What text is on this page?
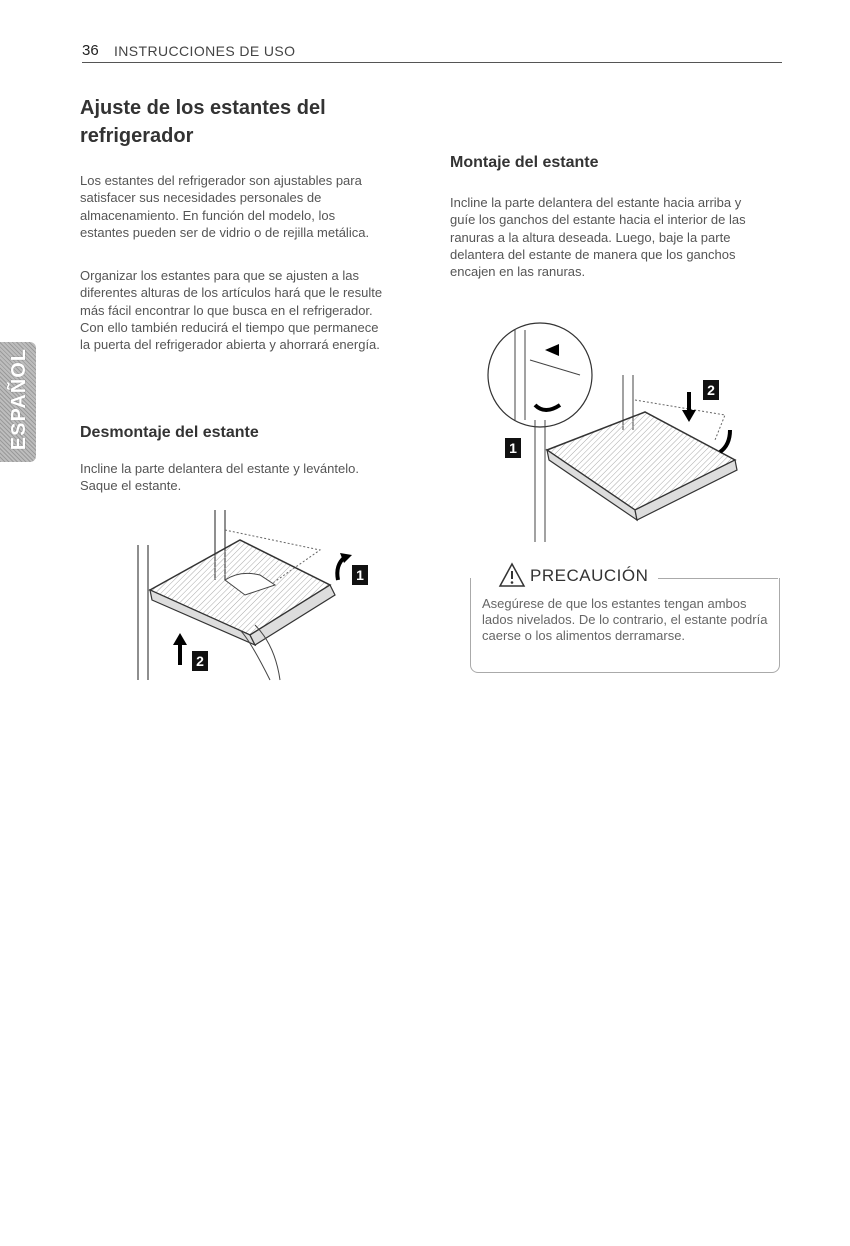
36 INSTRUCCIONES DE USO
ESPAÑOL
Ajuste de los estantes del refrigerador

Los estantes del refrigerador son ajustables para satisfacer sus necesidades personales de almacenamiento. En función del modelo, los estantes pueden ser de vidrio o de rejilla metálica.

Organizar los estantes para que se ajusten a las diferentes alturas de los artículos hará que le resulte más fácil encontrar lo que busca en el refrigerador. Con ello también reducirá el tiempo que permanece la puerta del refrigerador abierta y ahorrará energía.

Desmontaje del estante

Incline la parte delantera del estante y levántelo. Saque el estante.

Montaje del estante

Incline la parte delantera del estante hacia arriba y guíe los ganchos del estante hacia el interior de las ranuras a la altura deseada. Luego, baje la parte delantera del estante de manera que los ganchos encajen en las ranuras.

1
2
2
1
PRECAUCIÓN

Asegúrese de que los estantes tengan ambos lados nivelados. De lo contrario, el estante podría caerse o los alimentos derramarse.
